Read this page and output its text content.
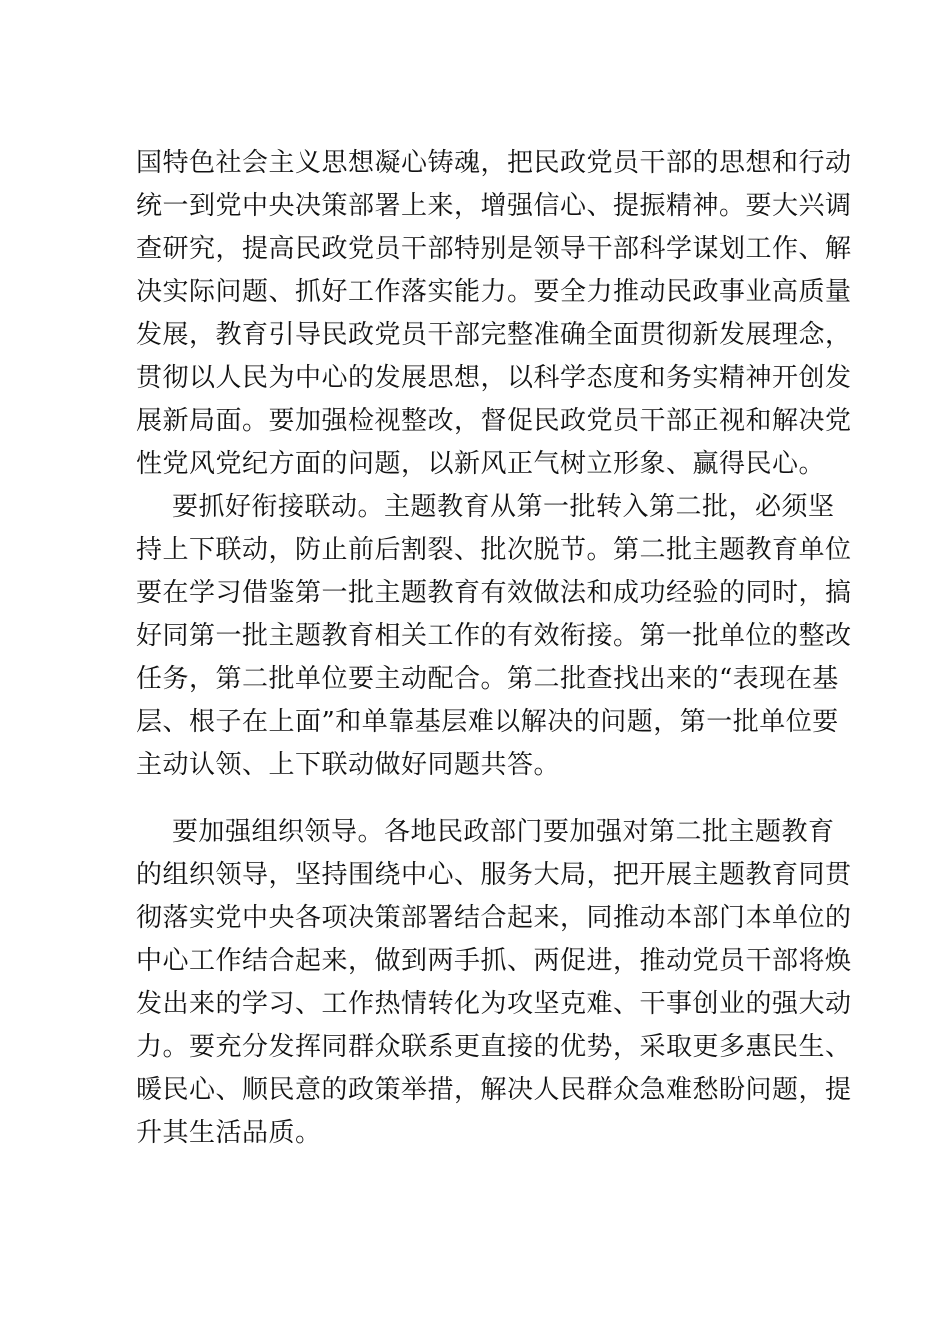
国特色社会主义思想凝心铸魂，把民政党员干部的思想和行动
统一到党中央决策部署上来，增强信心、提振精神。要大兴调
查研究，提高民政党员干部特别是领导干部科学谋划工作、解
决实际问题、抓好工作落实能力。要全力推动民政事业高质量
发展，教育引导民政党员干部完整准确全面贯彻新发展理念，
贯彻以人民为中心的发展思想，以科学态度和务实精神开创发
展新局面。要加强检视整改，督促民政党员干部正视和解决党
性党风党纪方面的问题，以新风正气树立形象、赢得民心。
要抓好衔接联动。主题教育从第一批转入第二批，必须坚
持上下联动，防止前后割裂、批次脱节。第二批主题教育单位
要在学习借鉴第一批主题教育有效做法和成功经验的同时，搞
好同第一批主题教育相关工作的有效衔接。第一批单位的整改
任务，第二批单位要主动配合。第二批查找出来的“表现在基
层、根子在上面”和单靠基层难以解决的问题，第一批单位要
主动认领、上下联动做好同题共答。
要加强组织领导。各地民政部门要加强对第二批主题教育
的组织领导，坚持围绕中心、服务大局，把开展主题教育同贯
彻落实党中央各项决策部署结合起来，同推动本部门本单位的
中心工作结合起来，做到两手抓、两促进，推动党员干部将焕
发出来的学习、工作热情转化为攻坚克难、干事创业的强大动
力。要充分发挥同群众联系更直接的优势，采取更多惠民生、
暖民心、顺民意的政策举措，解决人民群众急难愁盼问题，提
升其生活品质。
